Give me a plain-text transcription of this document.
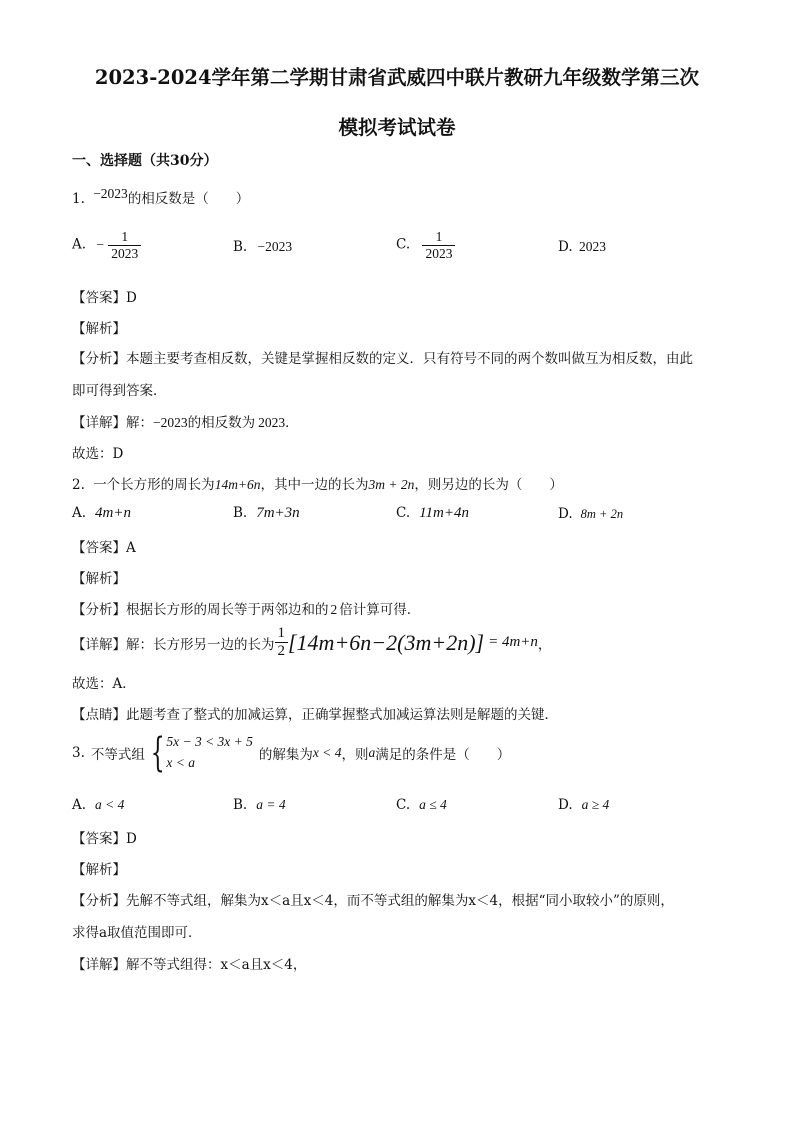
2023-2024学年第二学期甘肃省武威四中联片教研九年级数学第三次
模拟考试试卷
一、选择题（共30分）
1. −2023的相反数是（　　）
A. − $\frac{1}{2023}$	B. −2023	C. $\frac{1}{2023}$	D. 2023
【答案】D
【解析】
【分析】本题主要考查相反数，关键是掌握相反数的定义．只有符号不同的两个数叫做互为相反数，由此
即可得到答案．
【详解】解：−2023的相反数为 2023．
故选：D
2. 一个长方形的周长为14m+6n，其中一边的长为3m + 2n，则另边的长为（　　）
A. 4m+n	B. 7m+3n	C. 11m+4n	D. 8m + 2n
【答案】A
【解析】
【分析】根据长方形的周长等于两邻边和的 2 倍计算可得．
【详解】 解：长方形另一边的长为 $\frac{1}{2} [14m+6n-2(3m+2n)] = 4m+n$ ，
故选：A．
【点睛】此题考查了整式的加减运算，正确掌握整式加减运算法则是解题的关键．
3. 不等式组 { 5x − 3 < 3x + 5
x < a	的解集为 x < 4 ，则 a 满足的条件是（　　）
A. a < 4	B. a = 4	C. a ≤ 4	D. a ≥ 4
【答案】D
【解析】
【分析】先解不等式组，解集为x＜a且x＜4，而不等式组的解集为x＜4，根据“同小取较小”的原则，
求得a取值范围即可．
【详解】解不等式组得：x＜a且x＜4，
